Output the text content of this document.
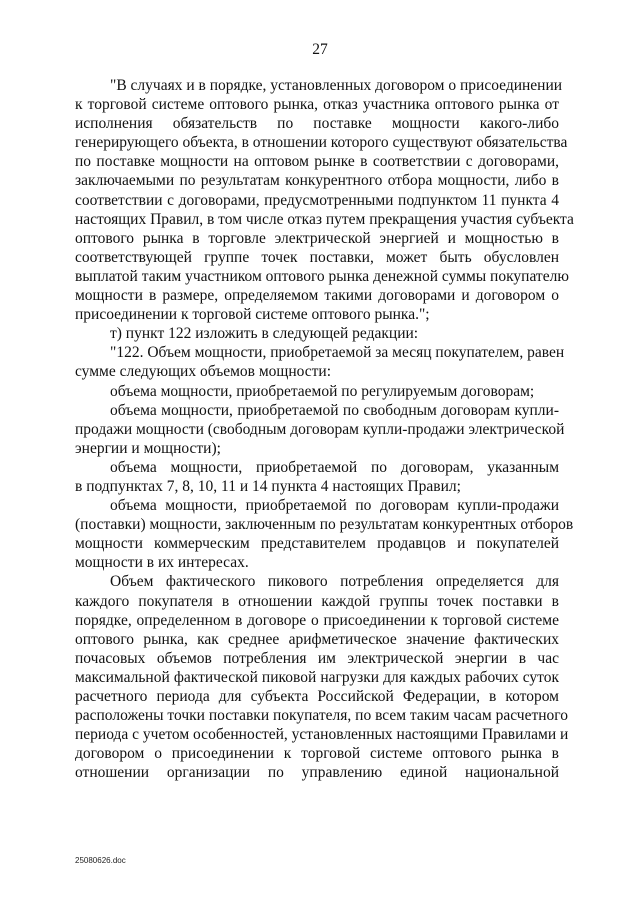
27
"В случаях и в порядке, установленных договором о присоединении
к торговой системе оптового рынка, отказ участника оптового рынка от
исполнения обязательств по поставке мощности какого-либо
генерирующего объекта, в отношении которого существуют обязательства
по поставке мощности на оптовом рынке в соответствии с договорами,
заключаемыми по результатам конкурентного отбора мощности, либо в
соответствии с договорами, предусмотренными подпунктом 11 пункта 4
настоящих Правил, в том числе отказ путем прекращения участия субъекта
оптового рынка в торговле электрической энергией и мощностью в
соответствующей группе точек поставки, может быть обусловлен
выплатой таким участником оптового рынка денежной суммы покупателю
мощности в размере, определяемом такими договорами и договором о
присоединении к торговой системе оптового рынка.";
т) пункт 122 изложить в следующей редакции:
"122. Объем мощности, приобретаемой за месяц покупателем, равен
сумме следующих объемов мощности:
объема мощности, приобретаемой по регулируемым договорам;
объема мощности, приобретаемой по свободным договорам купли-
продажи мощности (свободным договорам купли-продажи электрической
энергии и мощности);
объема мощности, приобретаемой по договорам, указанным
в подпунктах 7, 8, 10, 11 и 14 пункта 4 настоящих Правил;
объема мощности, приобретаемой по договорам купли-продажи
(поставки) мощности, заключенным по результатам конкурентных отборов
мощности коммерческим представителем продавцов и покупателей
мощности в их интересах.
Объем фактического пикового потребления определяется для
каждого покупателя в отношении каждой группы точек поставки в
порядке, определенном в договоре о присоединении к торговой системе
оптового рынка, как среднее арифметическое значение фактических
почасовых объемов потребления им электрической энергии в час
максимальной фактической пиковой нагрузки для каждых рабочих суток
расчетного периода для субъекта Российской Федерации, в котором
расположены точки поставки покупателя, по всем таким часам расчетного
периода с учетом особенностей, установленных настоящими Правилами и
договором о присоединении к торговой системе оптового рынка в
отношении организации по управлению единой национальной
25080626.doc
